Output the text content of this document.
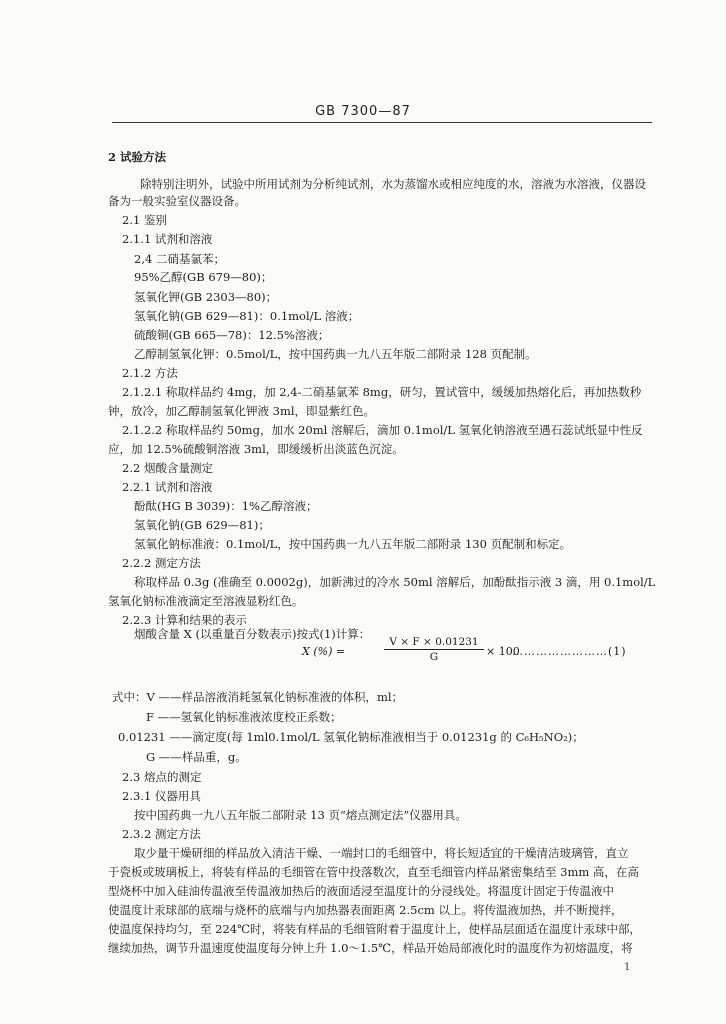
GB 7300—87
2 试验方法
除特别注明外，试验中所用试剂为分析纯试剂，水为蒸馏水或相应纯度的水，溶液为水溶液，仪器设
备为一般实验室仪器设备。
2.1 鉴别
2.1.1 试剂和溶液
2,4 二硝基氯苯；
95%乙醇(GB 679—80)；
氢氧化钾(GB 2303—80)；
氢氧化钠(GB 629—81)：0.1mol/L 溶液；
硫酸铜(GB 665—78)：12.5%溶液；
乙醇制氢氧化钾：0.5mol/L，按中国药典一九八五年版二部附录 128 页配制。
2.1.2 方法
2.1.2.1 称取样品约 4mg，加 2,4-二硝基氯苯 8mg，研匀，置试管中，缓缓加热熔化后，再加热数秒
钟，放冷，加乙醇制氢氧化钾液 3ml，即显紫红色。
2.1.2.2 称取样品约 50mg，加水 20ml 溶解后，滴加 0.1mol/L 氢氧化钠溶液至遇石蕊试纸显中性反
应，加 12.5%硫酸铜溶液 3ml，即缓缓析出淡蓝色沉淀。
2.2 烟酸含量测定
2.2.1 试剂和溶液
酚酞(HG B 3039)：1%乙醇溶液；
氢氧化钠(GB 629—81)；
氢氧化钠标准液：0.1mol/L，按中国药典一九八五年版二部附录 130 页配制和标定。
2.2.2 测定方法
称取样品 0.3g (准确至 0.0002g)，加新沸过的冷水 50ml 溶解后，加酚酞指示液 3 滴，用 0.1mol/L
氢氧化钠标准液滴定至溶液显粉红色。
2.2.3 计算和结果的表示
烟酸含量 X (以重量百分数表示)按式(1)计算：
X (%) =	$\frac{V \times F \times 0.01231}{G} \times 100$
……………………(1)
式中：V ——样品溶液消耗氢氧化钠标准液的体积，ml；
F ——氢氧化钠标准液浓度校正系数；
0.01231 ——滴定度(每 1ml0.1mol/L 氢氧化钠标准液相当于 0.01231g 的 C₆H₅NO₂)；
G ——样品重，g。
2.3 熔点的测定
2.3.1 仪器用具
按中国药典一九八五年版二部附录 13 页“熔点测定法”仪器用具。
2.3.2 测定方法
取少量干燥研细的样品放入清洁干燥、一端封口的毛细管中，将长短适宜的干燥清洁玻璃管，直立
于瓷板或玻璃板上，将装有样品的毛细管在管中投落数次，直至毛细管内样品紧密集结至 3mm 高，在高
型烧杯中加入硅油传温液至传温液加热后的液面适浸至温度计的分浸线处。将温度计固定于传温液中
使温度计汞球部的底端与烧杯的底端与内加热器表面距离 2.5cm 以上。将传温液加热，并不断搅拌，
使温度保持均匀，至 224℃时，将装有样品的毛细管附着于温度计上，使样品层面适在温度计汞球中部，
继续加热，调节升温速度使温度每分钟上升 1.0～1.5℃，样品开始局部液化时的温度作为初熔温度，将
1
